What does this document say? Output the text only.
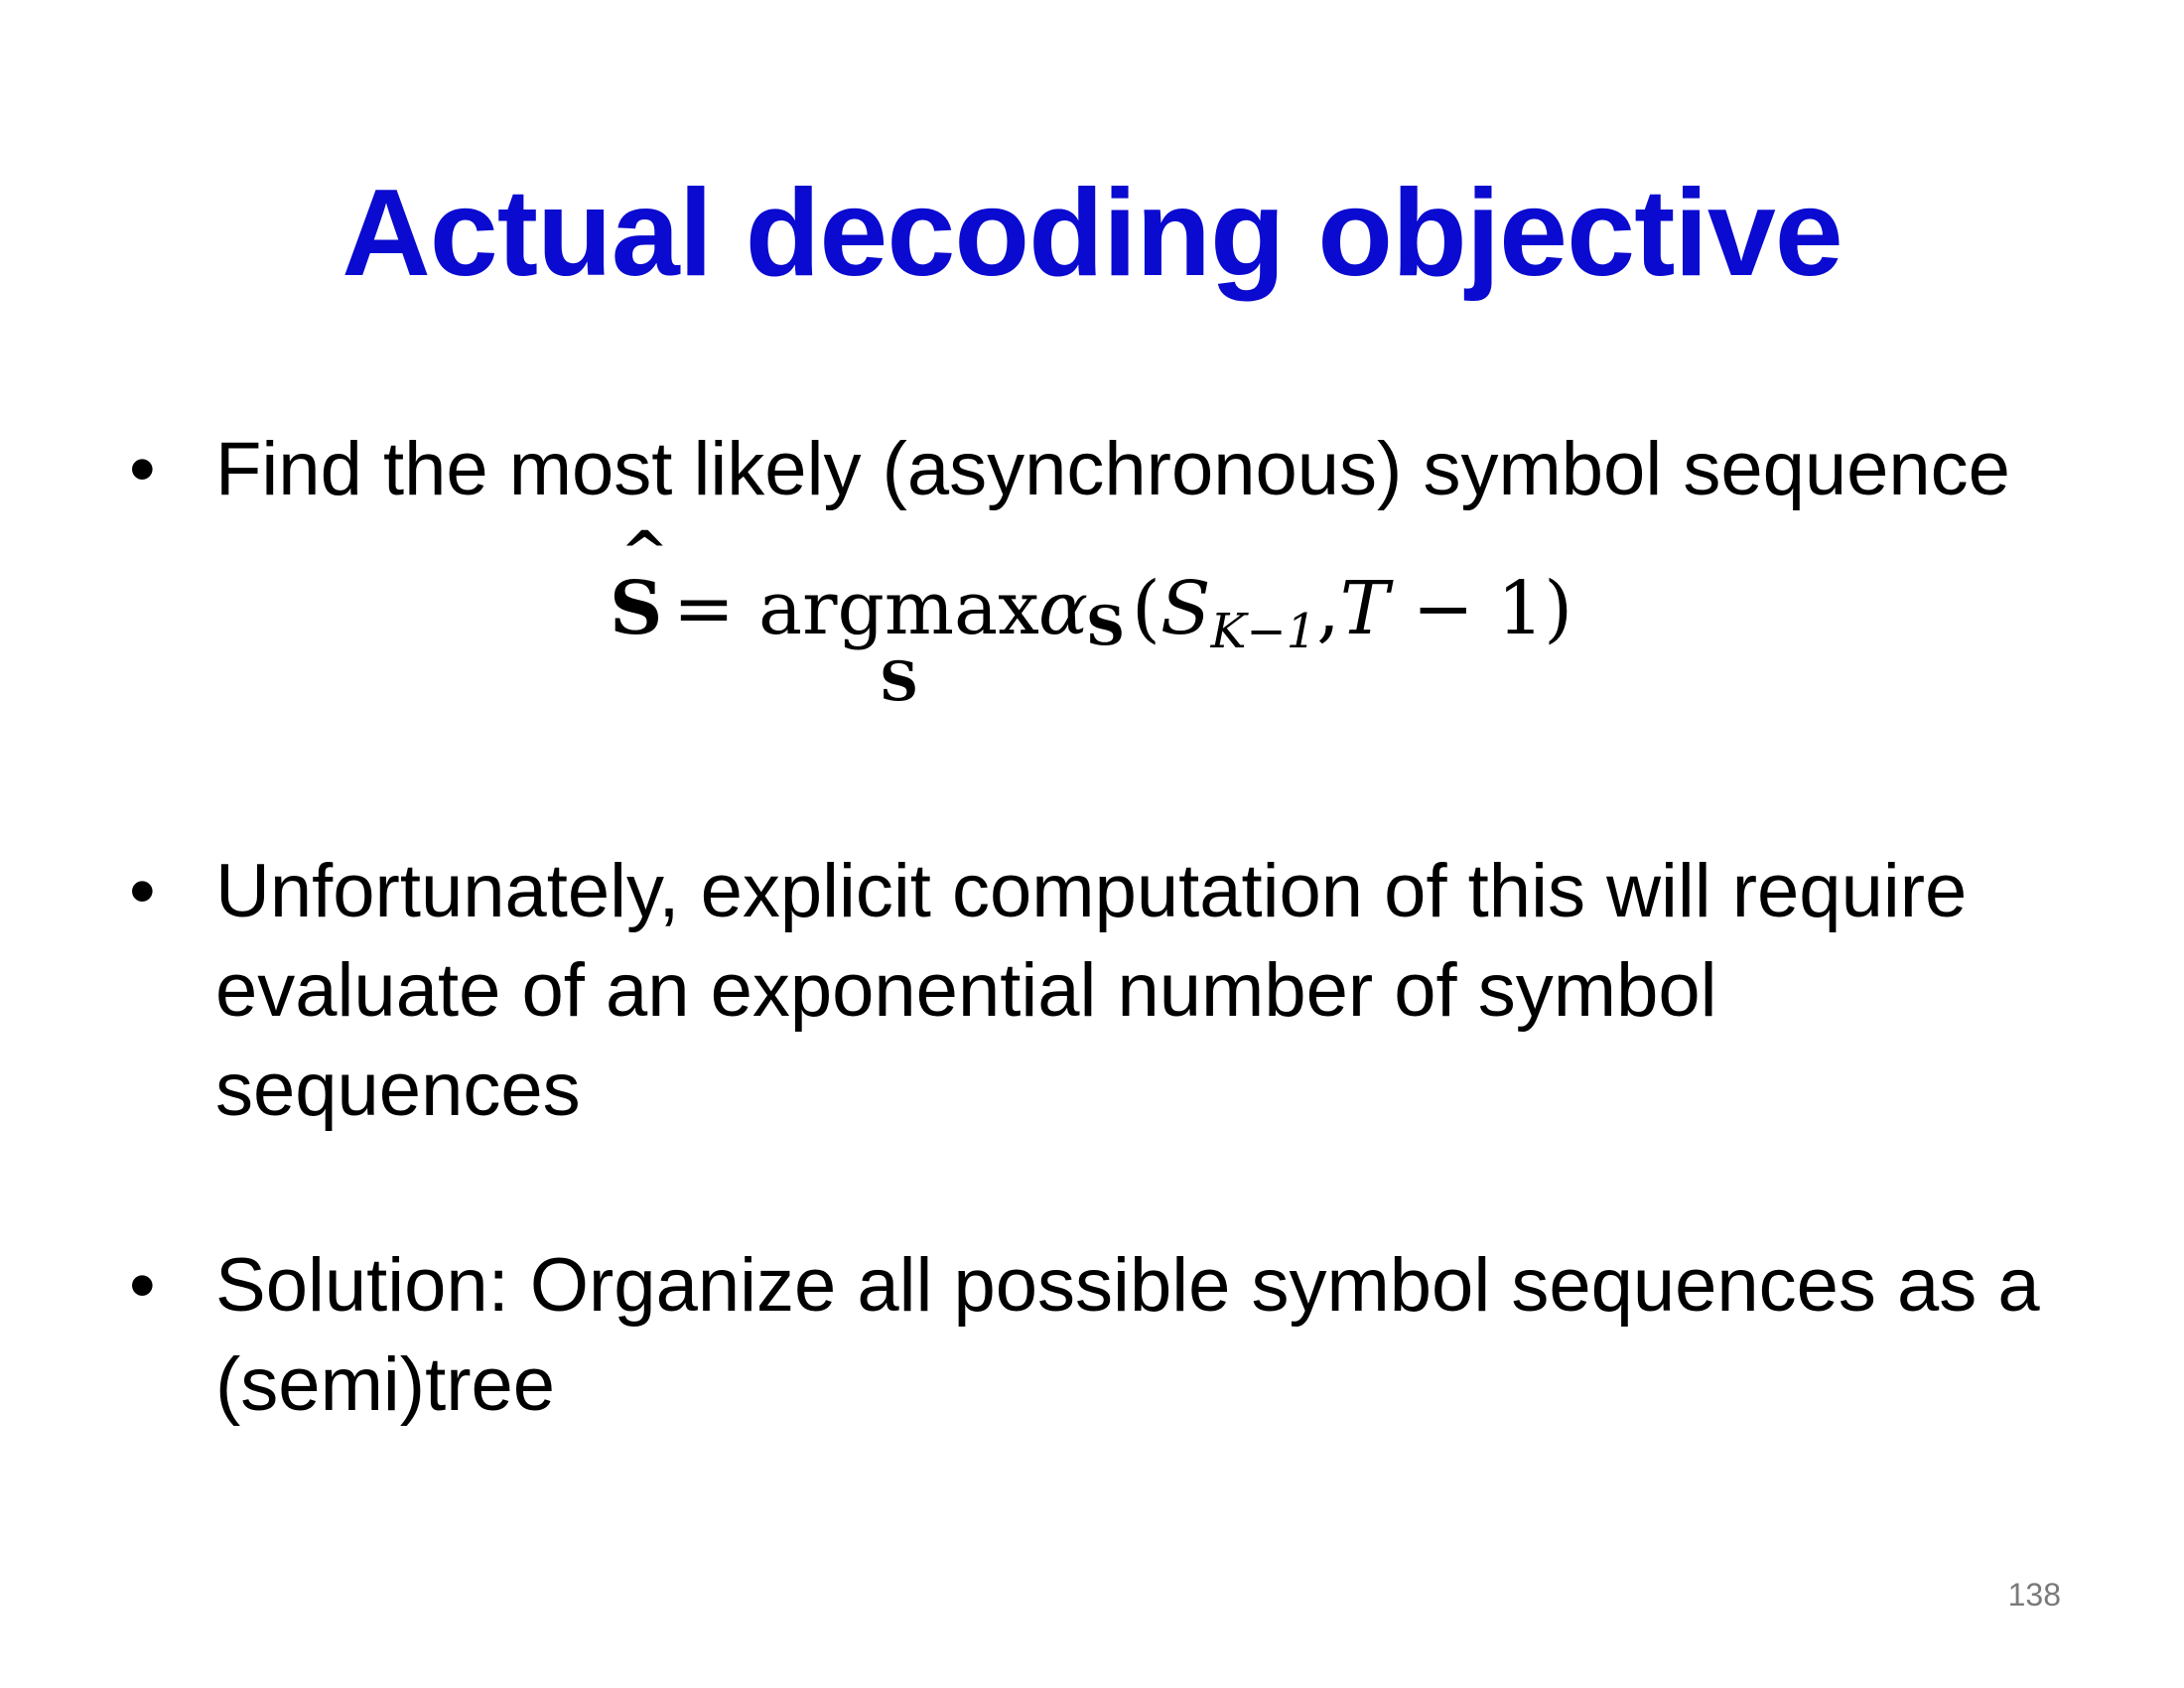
Actual decoding objective
• Find the most likely (asynchronous) symbol sequence
^
S = argmax
S
α
S $(S_{K-1},T - 1)$
• Unfortunately, explicit computation of this will require evaluate of an exponential number of symbol sequences
• Solution: Organize all possible symbol sequences as a (semi)tree
138
